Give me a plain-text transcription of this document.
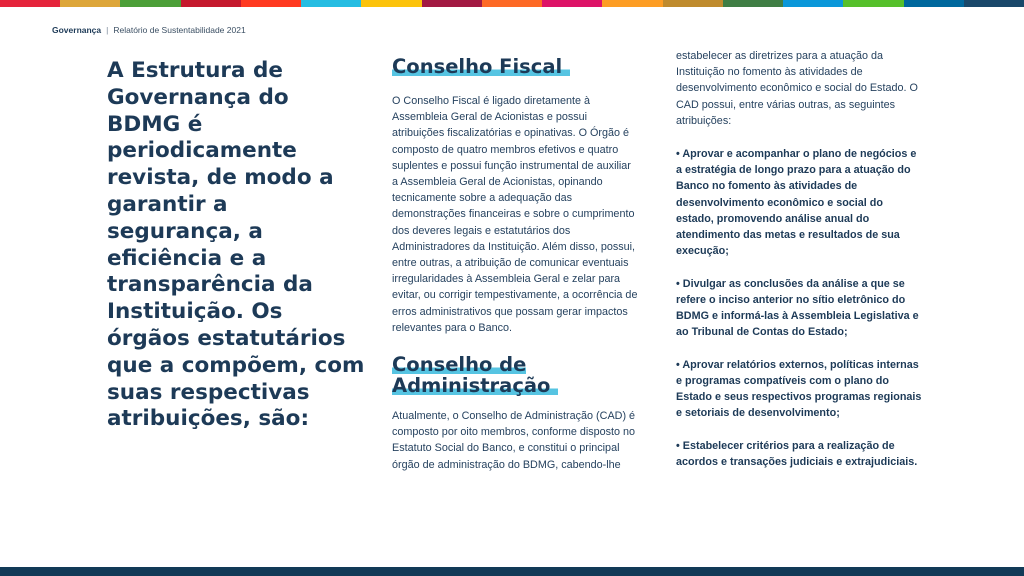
Governança | Relatório de Sustentabilidade 2021
A Estrutura de Governança do BDMG é periodicamente revista, de modo a garantir a segurança, a eficiência e a transparência da Instituição. Os órgãos estatutários que a compõem, com suas respectivas atribuições, são:
Conselho Fiscal

O Conselho Fiscal é ligado diretamente à Assembleia Geral de Acionistas e possui atribuições fiscalizatórias e opinativas. O Órgão é composto de quatro membros efetivos e quatro suplentes e possui função instrumental de auxiliar a Assembleia Geral de Acionistas, opinando tecnicamente sobre a adequação das demonstrações financeiras e sobre o cumprimento dos deveres legais e estatutários dos Administradores da Instituição. Além disso, possui, entre outras, a atribuição de comunicar eventuais irregularidades à Assembleia Geral e zelar para evitar, ou corrigir tempestivamente, a ocorrência de erros administrativos que possam gerar impactos relevantes para o Banco.

Conselho de Administração

Atualmente, o Conselho de Administração (CAD) é composto por oito membros, conforme disposto no Estatuto Social do Banco, e constitui o principal órgão de administração do BDMG, cabendo-lhe

estabelecer as diretrizes para a atuação da Instituição no fomento às atividades de desenvolvimento econômico e social do Estado. O CAD possui, entre várias outras, as seguintes atribuições:

• Aprovar e acompanhar o plano de negócios e a estratégia de longo prazo para a atuação do Banco no fomento às atividades de desenvolvimento econômico e social do estado, promovendo análise anual do atendimento das metas e resultados de sua execução;

• Divulgar as conclusões da análise a que se refere o inciso anterior no sítio eletrônico do BDMG e informá-las à Assembleia Legislativa e ao Tribunal de Contas do Estado;

• Aprovar relatórios externos, políticas internas e programas compatíveis com o plano do Estado e seus respectivos programas regionais e setoriais de desenvolvimento;

• Estabelecer critérios para a realização de acordos e transações judiciais e extrajudiciais.
